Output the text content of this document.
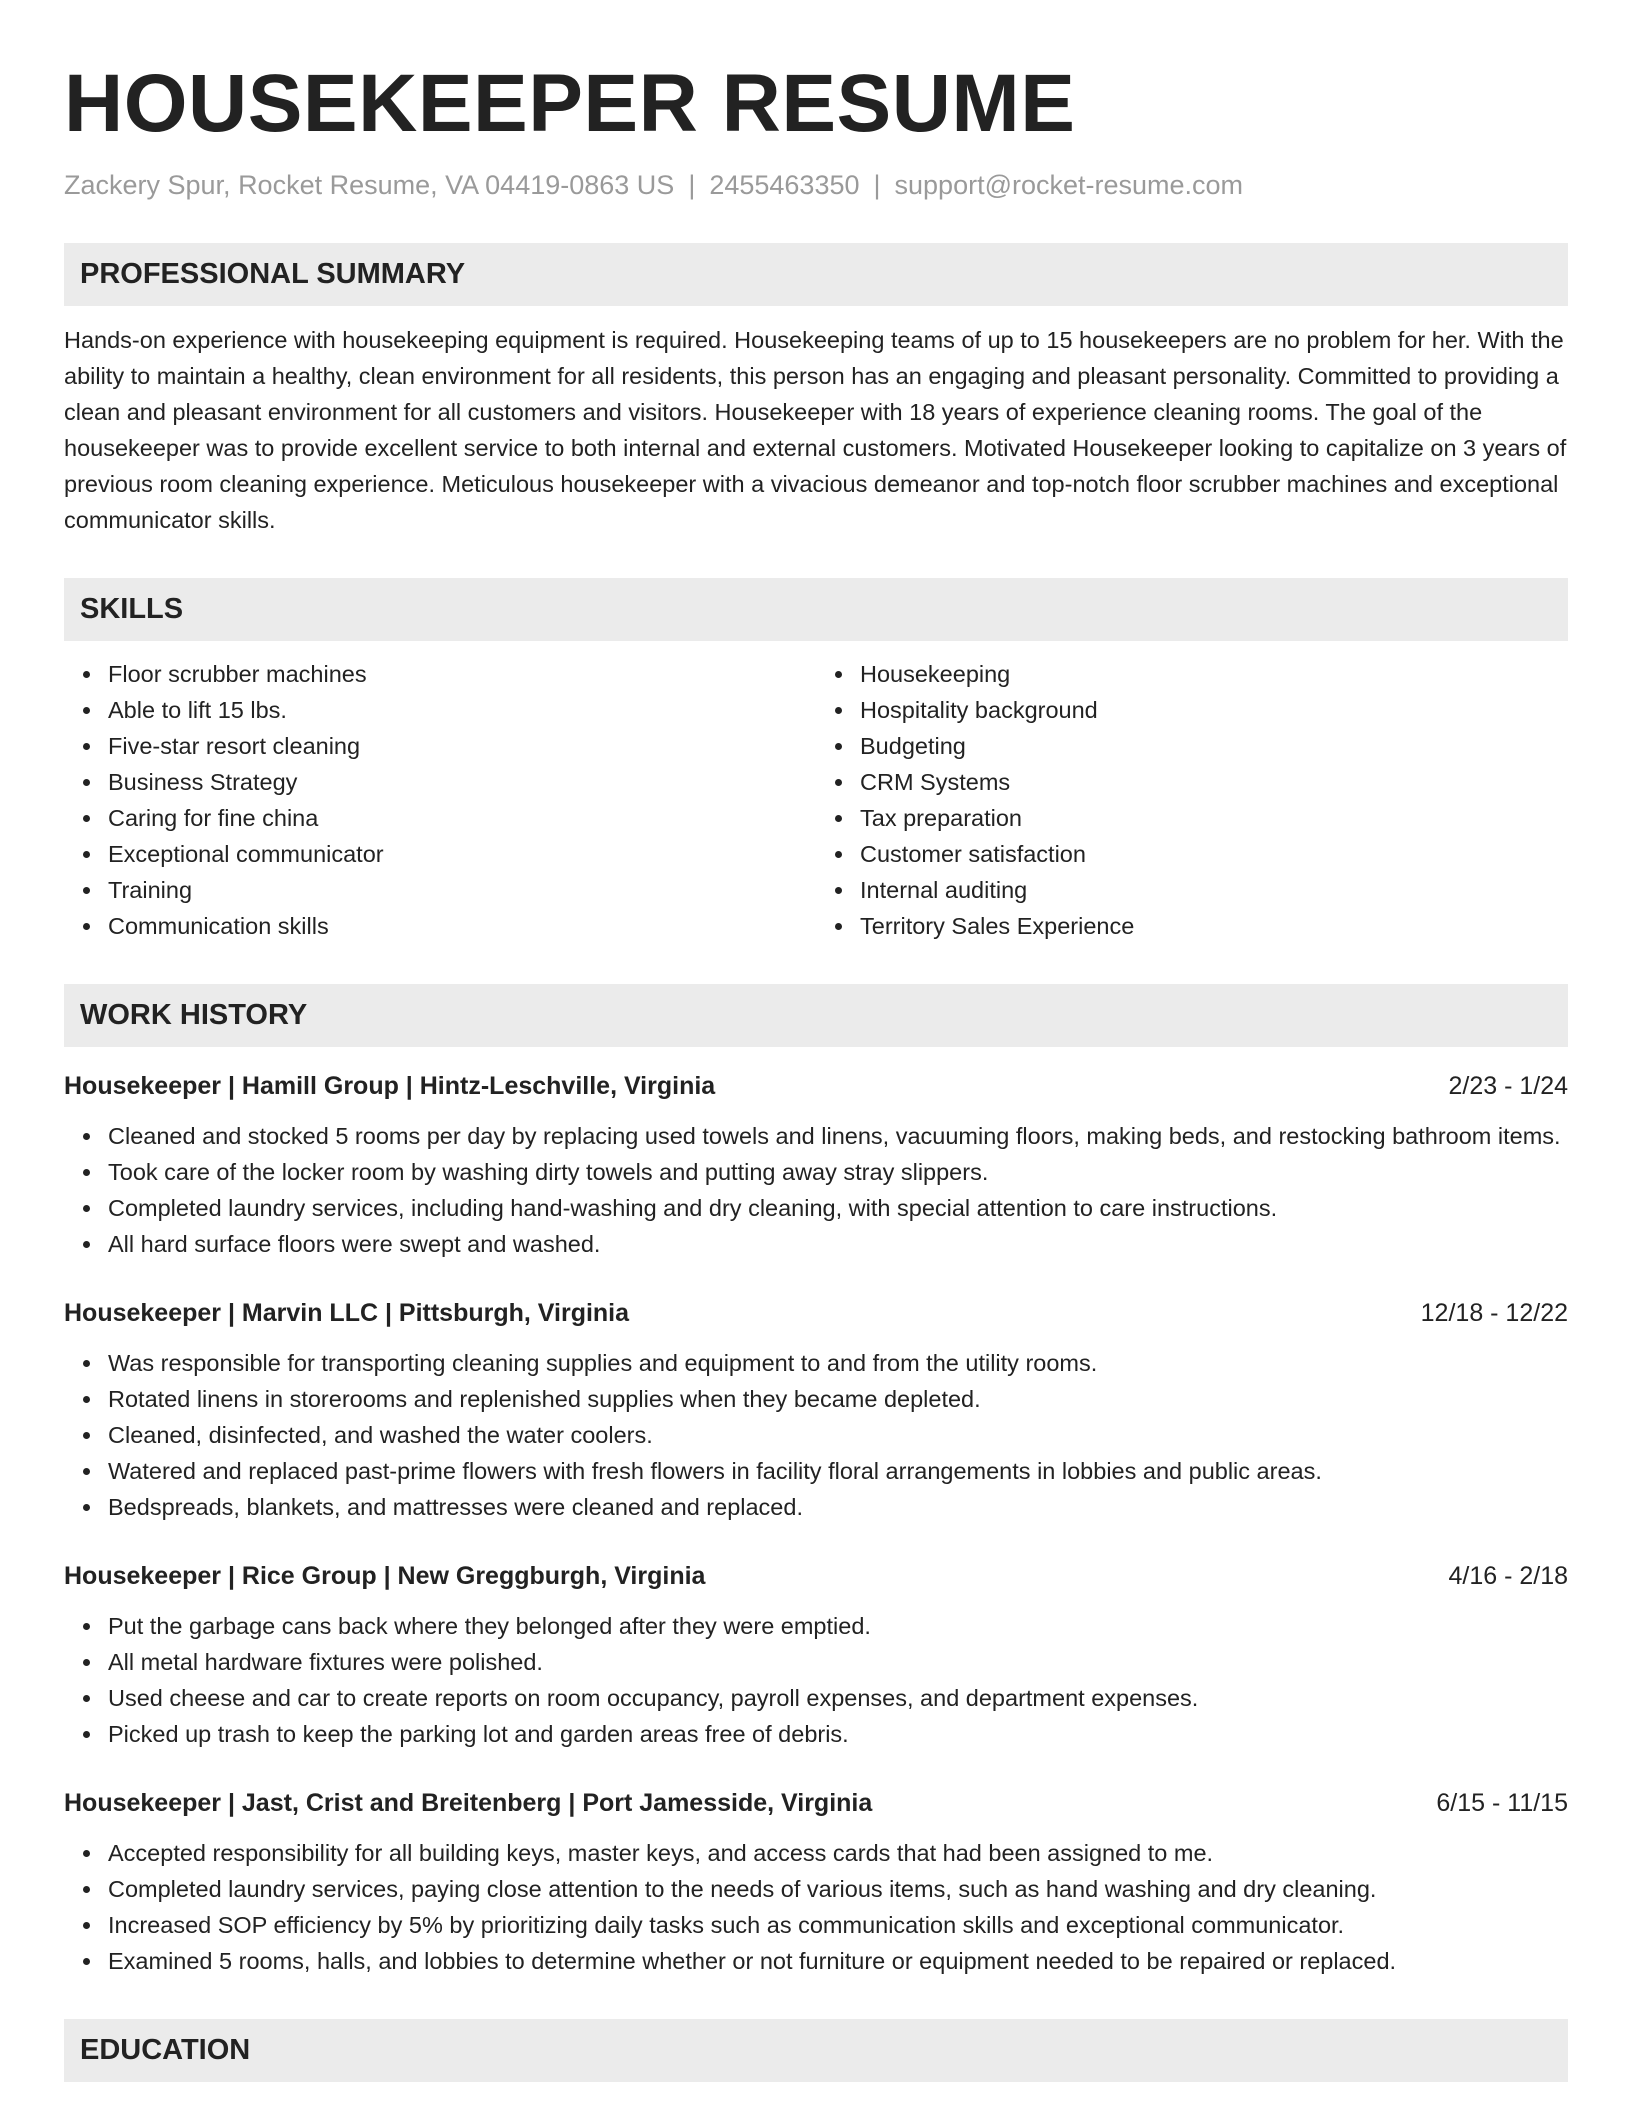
HOUSEKEEPER RESUME
Zackery Spur, Rocket Resume, VA 04419-0863 US | 2455463350 | support@rocket-resume.com
PROFESSIONAL SUMMARY

Hands-on experience with housekeeping equipment is required. Housekeeping teams of up to 15 housekeepers are no problem for her. With the ability to maintain a healthy, clean environment for all residents, this person has an engaging and pleasant personality. Committed to providing a clean and pleasant environment for all customers and visitors. Housekeeper with 18 years of experience cleaning rooms. The goal of the housekeeper was to provide excellent service to both internal and external customers. Motivated Housekeeper looking to capitalize on 3 years of previous room cleaning experience. Meticulous housekeeper with a vivacious demeanor and top-notch floor scrubber machines and exceptional communicator skills.

SKILLS
Floor scrubber machines
Able to lift 15 lbs.
Five-star resort cleaning
Business Strategy
Caring for fine china
Exceptional communicator
Training
Communication skills
Housekeeping
Hospitality background
Budgeting
CRM Systems
Tax preparation
Customer satisfaction
Internal auditing
Territory Sales Experience
WORK HISTORY
Housekeeper | Hamill Group | Hintz-Leschville, Virginia	2/23 - 1/24
Cleaned and stocked 5 rooms per day by replacing used towels and linens, vacuuming floors, making beds, and restocking bathroom items.
Took care of the locker room by washing dirty towels and putting away stray slippers.
Completed laundry services, including hand-washing and dry cleaning, with special attention to care instructions.
All hard surface floors were swept and washed.
Housekeeper | Marvin LLC | Pittsburgh, Virginia	12/18 - 12/22
Was responsible for transporting cleaning supplies and equipment to and from the utility rooms.
Rotated linens in storerooms and replenished supplies when they became depleted.
Cleaned, disinfected, and washed the water coolers.
Watered and replaced past-prime flowers with fresh flowers in facility floral arrangements in lobbies and public areas.
Bedspreads, blankets, and mattresses were cleaned and replaced.
Housekeeper | Rice Group | New Greggburgh, Virginia	4/16 - 2/18
Put the garbage cans back where they belonged after they were emptied.
All metal hardware fixtures were polished.
Used cheese and car to create reports on room occupancy, payroll expenses, and department expenses.
Picked up trash to keep the parking lot and garden areas free of debris.
Housekeeper | Jast, Crist and Breitenberg | Port Jamesside, Virginia	6/15 - 11/15
Accepted responsibility for all building keys, master keys, and access cards that had been assigned to me.
Completed laundry services, paying close attention to the needs of various items, such as hand washing and dry cleaning.
Increased SOP efficiency by 5% by prioritizing daily tasks such as communication skills and exceptional communicator.
Examined 5 rooms, halls, and lobbies to determine whether or not furniture or equipment needed to be repaired or replaced.
EDUCATION
